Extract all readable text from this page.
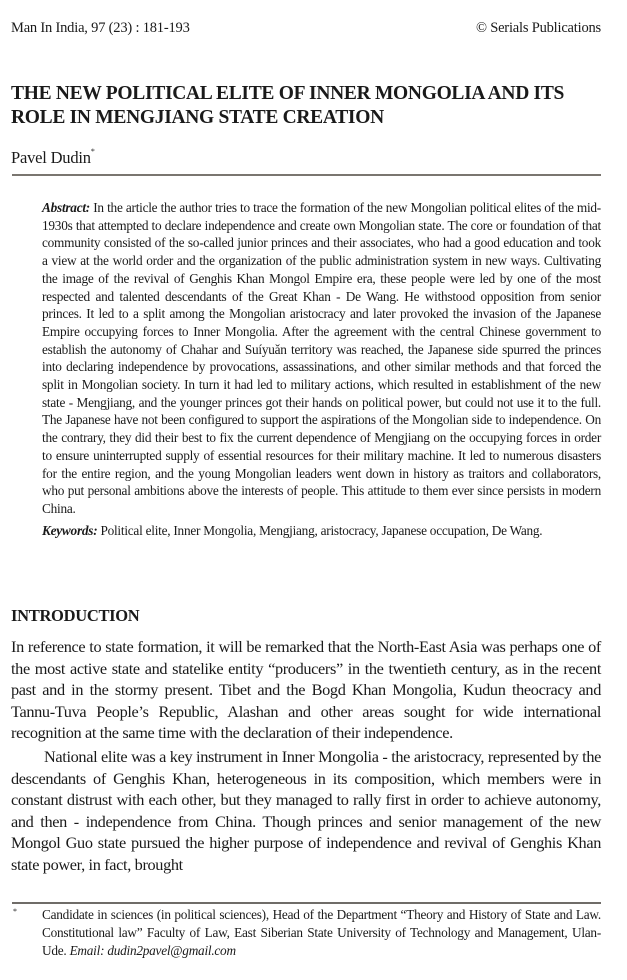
Man In India, 97 (23) : 181-193	© Serials Publications
THE NEW POLITICAL ELITE OF INNER MONGOLIA AND ITS ROLE IN MENGJIANG STATE CREATION
Pavel Dudin*

Abstract: In the article the author tries to trace the formation of the new Mongolian political elites of the mid-1930s that attempted to declare independence and create own Mongolian state. The core or foundation of that community consisted of the so-called junior princes and their associates, who had a good education and took a view at the world order and the organization of the public administration system in new ways. Cultivating the image of the revival of Genghis Khan Mongol Empire era, these people were led by one of the most respected and talented descendants of the Great Khan - De Wang. He withstood opposition from senior princes. It led to a split among the Mongolian aristocracy and later provoked the invasion of the Japanese Empire occupying forces to Inner Mongolia. After the agreement with the central Chinese government to establish the autonomy of Chahar and Suíyuǎn territory was reached, the Japanese side spurred the princes into declaring independence by provocations, assassinations, and other similar methods and that forced the split in Mongolian society. In turn it had led to military actions, which resulted in establishment of the new state - Mengjiang, and the younger princes got their hands on political power, but could not use it to the full. The Japanese have not been configured to support the aspirations of the Mongolian side to independence. On the contrary, they did their best to fix the current dependence of Mengjiang on the occupying forces in order to ensure uninterrupted supply of essential resources for their military machine. It led to numerous disasters for the entire region, and the young Mongolian leaders went down in history as traitors and collaborators, who put personal ambitions above the interests of people. This attitude to them ever since persists in modern China.

Keywords: Political elite, Inner Mongolia, Mengjiang, aristocracy, Japanese occupation, De Wang.

INTRODUCTION

In reference to state formation, it will be remarked that the North-East Asia was perhaps one of the most active state and statelike entity “producers” in the twentieth century, as in the recent past and in the stormy present. Tibet and the Bogd Khan Mongolia, Kudun theocracy and Tannu-Tuva People’s Republic, Alashan and other areas sought for wide international recognition at the same time with the declaration of their independence.

National elite was a key instrument in Inner Mongolia - the aristocracy, represented by the descendants of Genghis Khan, heterogeneous in its composition, which members were in constant distrust with each other, but they managed to rally first in order to achieve autonomy, and then - independence from China. Though princes and senior management of the new Mongol Guo state pursued the higher purpose of independence and revival of Genghis Khan state power, in fact, brought

* Candidate in sciences (in political sciences), Head of the Department “Theory and History of State and Law. Constitutional law” Faculty of Law, East Siberian State University of Technology and Management, Ulan-Ude. Email: dudin2pavel@gmail.com
